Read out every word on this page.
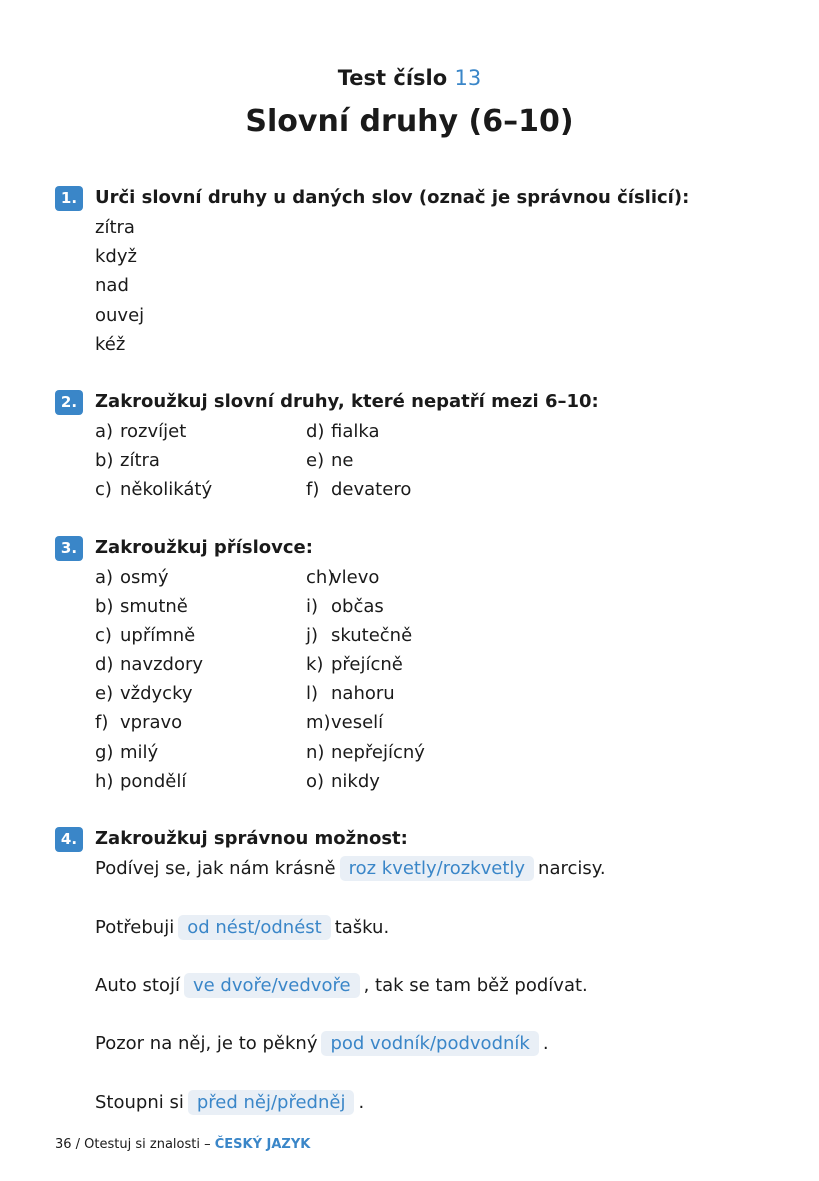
Test číslo 13
Slovní druhy (6–10)
1. Urči slovní druhy u daných slov (označ je správnou číslicí):
zítra
když
nad
ouvej
kéž
2. Zakroužkuj slovní druhy, které nepatří mezi 6–10:
a) rozvíjet
b) zítra
c) několikátý
d) fialka
e) ne
f) devatero
3. Zakroužkuj příslovce:
a) osmý
b) smutně
c) upřímně
d) navzdory
e) vždycky
f) vpravo
g) milý
h) pondělí
ch)vlevo
i) občas
j) skutečně
k) přejícně
l) nahoru
m)veselí
n) nepřejícný
o) nikdy
4. Zakroužkuj správnou možnost:
Podívej se, jak nám krásně roz kvetly/rozkvetly narcisy.
Potřebuji od nést/odnést tašku.
Auto stojí ve dvoře/vedvoře , tak se tam běž podívat.
Pozor na něj, je to pěkný pod vodník/podvodník .
Stoupni si před něj/předněj .
36 / Otestuj si znalosti – ČESKÝ JAZYK
